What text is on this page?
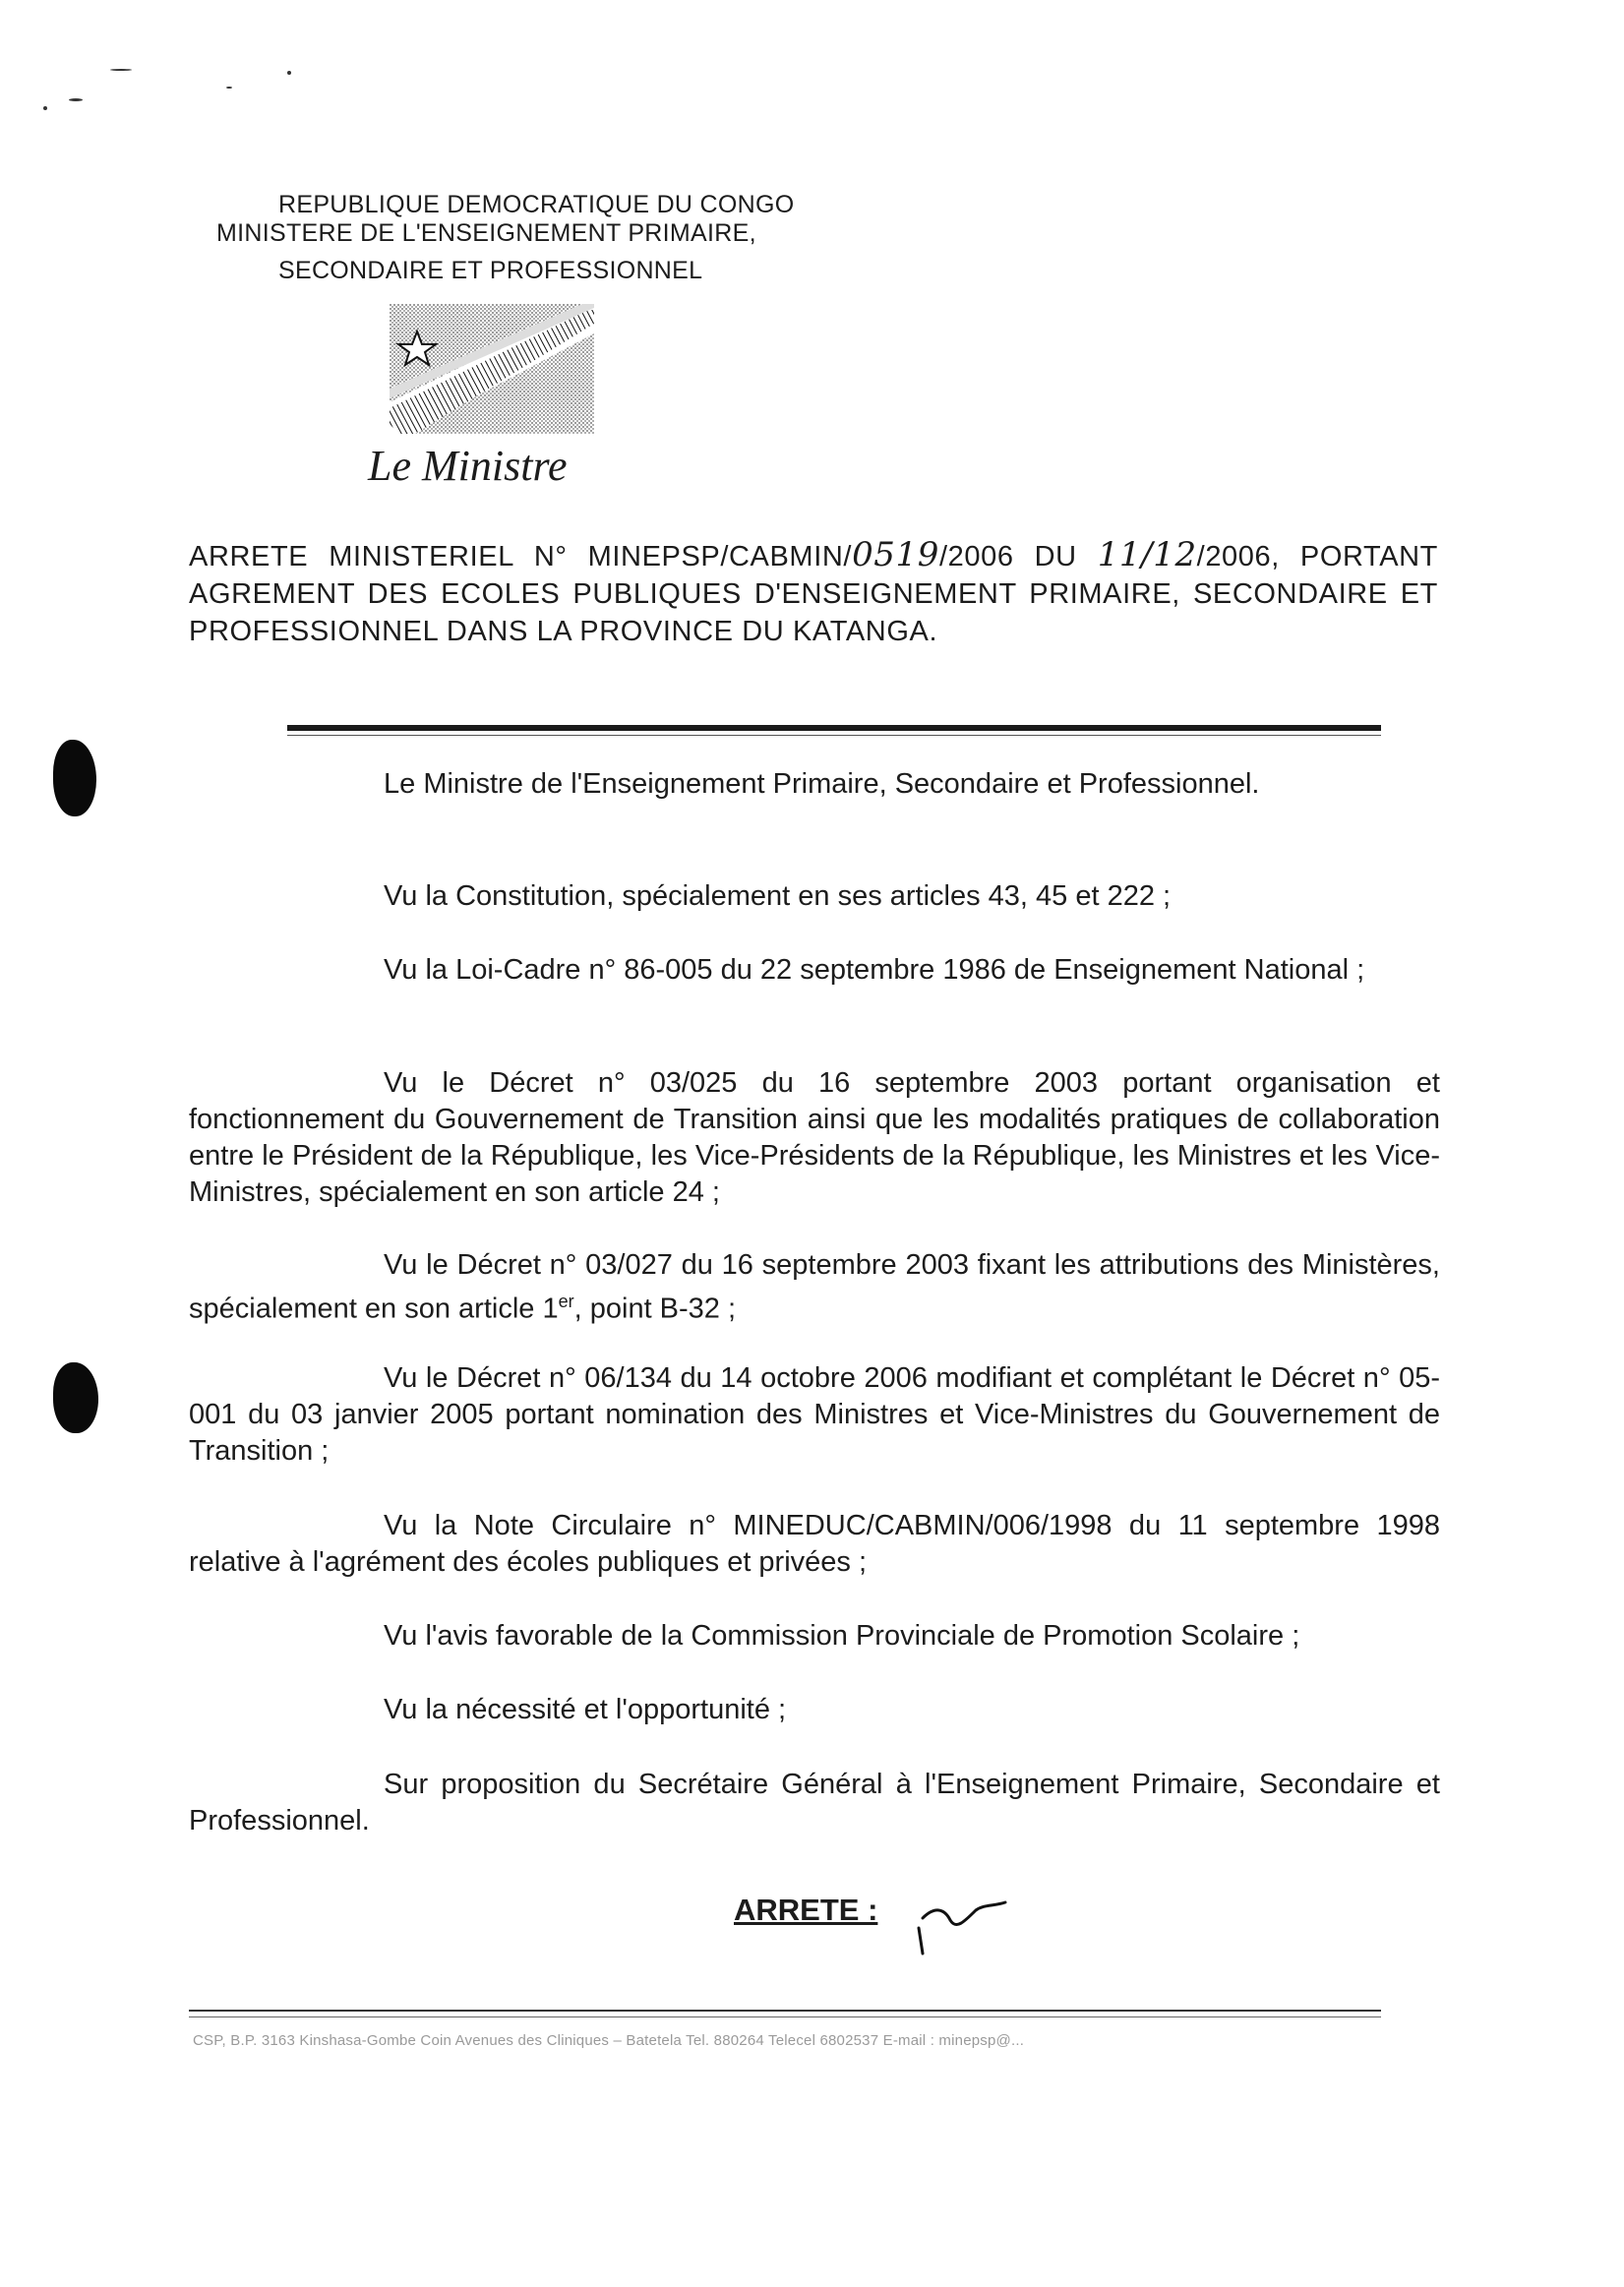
REPUBLIQUE DEMOCRATIQUE DU CONGO
MINISTERE DE L'ENSEIGNEMENT PRIMAIRE,
SECONDAIRE ET PROFESSIONNEL
Le Ministre
ARRETE MINISTERIEL N° MINEPSP/CABMIN/0519/2006 DU 11/12/2006, PORTANT AGREMENT DES ECOLES PUBLIQUES D'ENSEIGNEMENT PRIMAIRE, SECONDAIRE ET PROFESSIONNEL DANS LA PROVINCE DU KATANGA.
Le Ministre de l'Enseignement Primaire, Secondaire et Professionnel.
Vu la Constitution, spécialement en ses articles 43, 45 et 222 ;
Vu la Loi-Cadre n° 86-005 du 22 septembre 1986 de Enseignement National ;
Vu le Décret n° 03/025 du 16 septembre 2003 portant organisation et fonctionnement du Gouvernement de Transition ainsi que les modalités pratiques de collaboration entre le Président de la République, les Vice-Présidents de la République, les Ministres et les Vice-Ministres, spécialement en son article 24 ;
Vu le Décret n° 03/027 du 16 septembre 2003 fixant les attributions des Ministères, spécialement en son article 1er, point B-32 ;
Vu le Décret n° 06/134 du 14 octobre 2006 modifiant et complétant le Décret n° 05-001 du 03 janvier 2005 portant nomination des Ministres et Vice-Ministres du Gouvernement de Transition ;
Vu la Note Circulaire n° MINEDUC/CABMIN/006/1998 du 11 septembre 1998 relative à l'agrément des écoles publiques et privées ;
Vu l'avis favorable de la Commission Provinciale de Promotion Scolaire ;
Vu la nécessité et l'opportunité ;
Sur proposition du Secrétaire Général à l'Enseignement Primaire, Secondaire et Professionnel.
ARRETE :
CSP, B.P. 3163 Kinshasa-Gombe Coin Avenues des Cliniques – Batetela Tel. 880264 Telecel 6802537 E-mail : minepsp@...
